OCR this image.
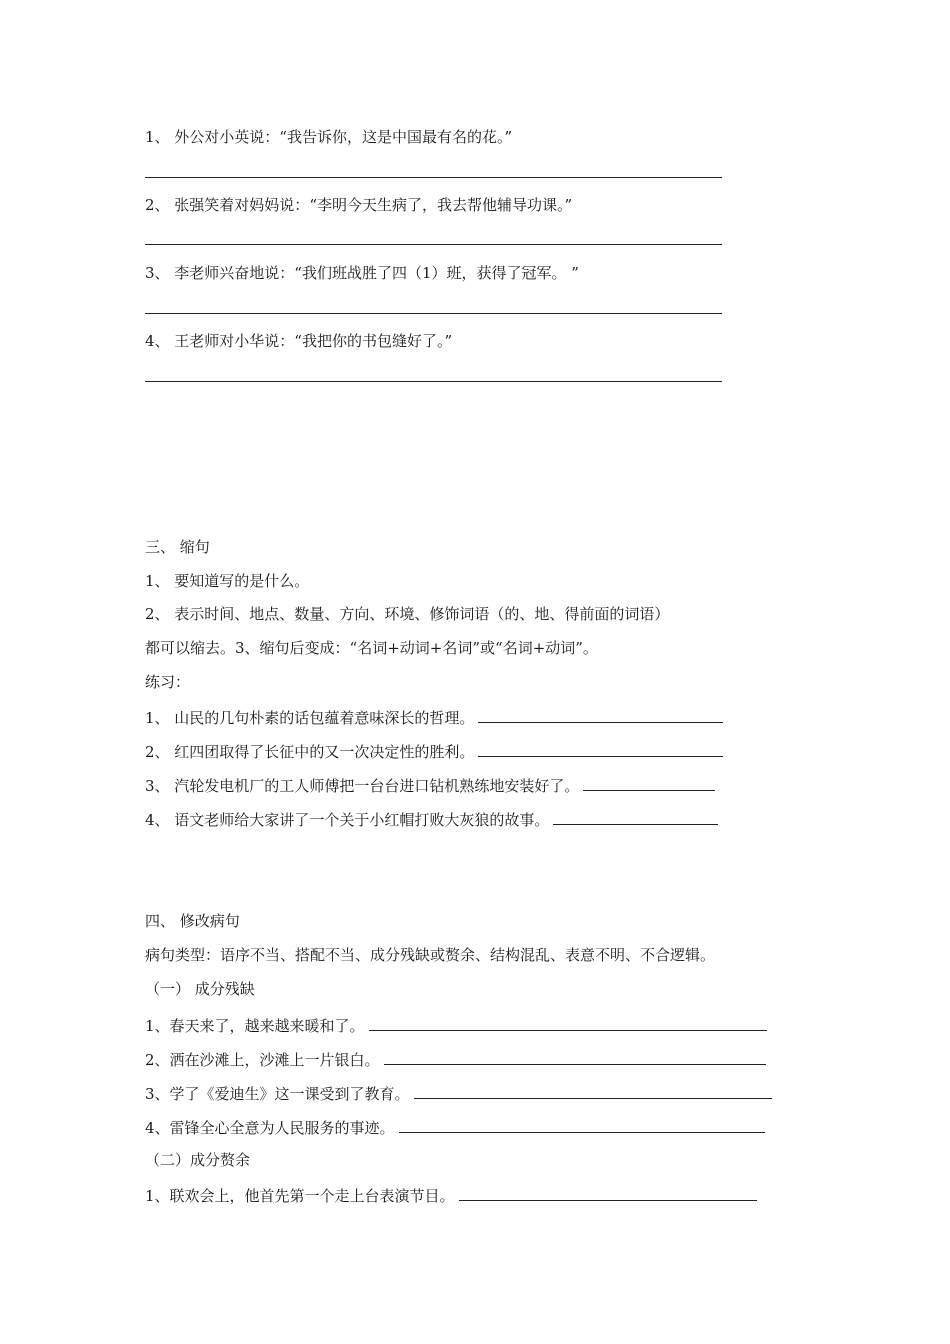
1、 外公对小英说：“我告诉你，这是中国最有名的花。”
2、 张强笑着对妈妈说：“李明今天生病了，我去帮他辅导功课。”
3、 李老师兴奋地说：“我们班战胜了四（1）班，获得了冠军。 ”
4、 王老师对小华说：“我把你的书包缝好了。”
三、 缩句
1、 要知道写的是什么。
2、 表示时间、地点、数量、方向、环境、修饰词语（的、地、得前面的词语）
都可以缩去。3、缩句后变成：“名词+动词+名词”或“名词+动词”。
练习：
1、 山民的几句朴素的话包蕴着意味深长的哲理。
2、 红四团取得了长征中的又一次决定性的胜利。
3、 汽轮发电机厂的工人师傅把一台台进口钻机熟练地安装好了。
4、 语文老师给大家讲了一个关于小红帽打败大灰狼的故事。
四、 修改病句
病句类型：语序不当、搭配不当、成分残缺或赘余、结构混乱、表意不明、不合逻辑。
（一） 成分残缺
1、春天来了，越来越来暖和了。
2、洒在沙滩上，沙滩上一片银白。
3、学了《爱迪生》这一课受到了教育。
4、雷锋全心全意为人民服务的事迹。
（二）成分赘余
1、联欢会上，他首先第一个走上台表演节目。
